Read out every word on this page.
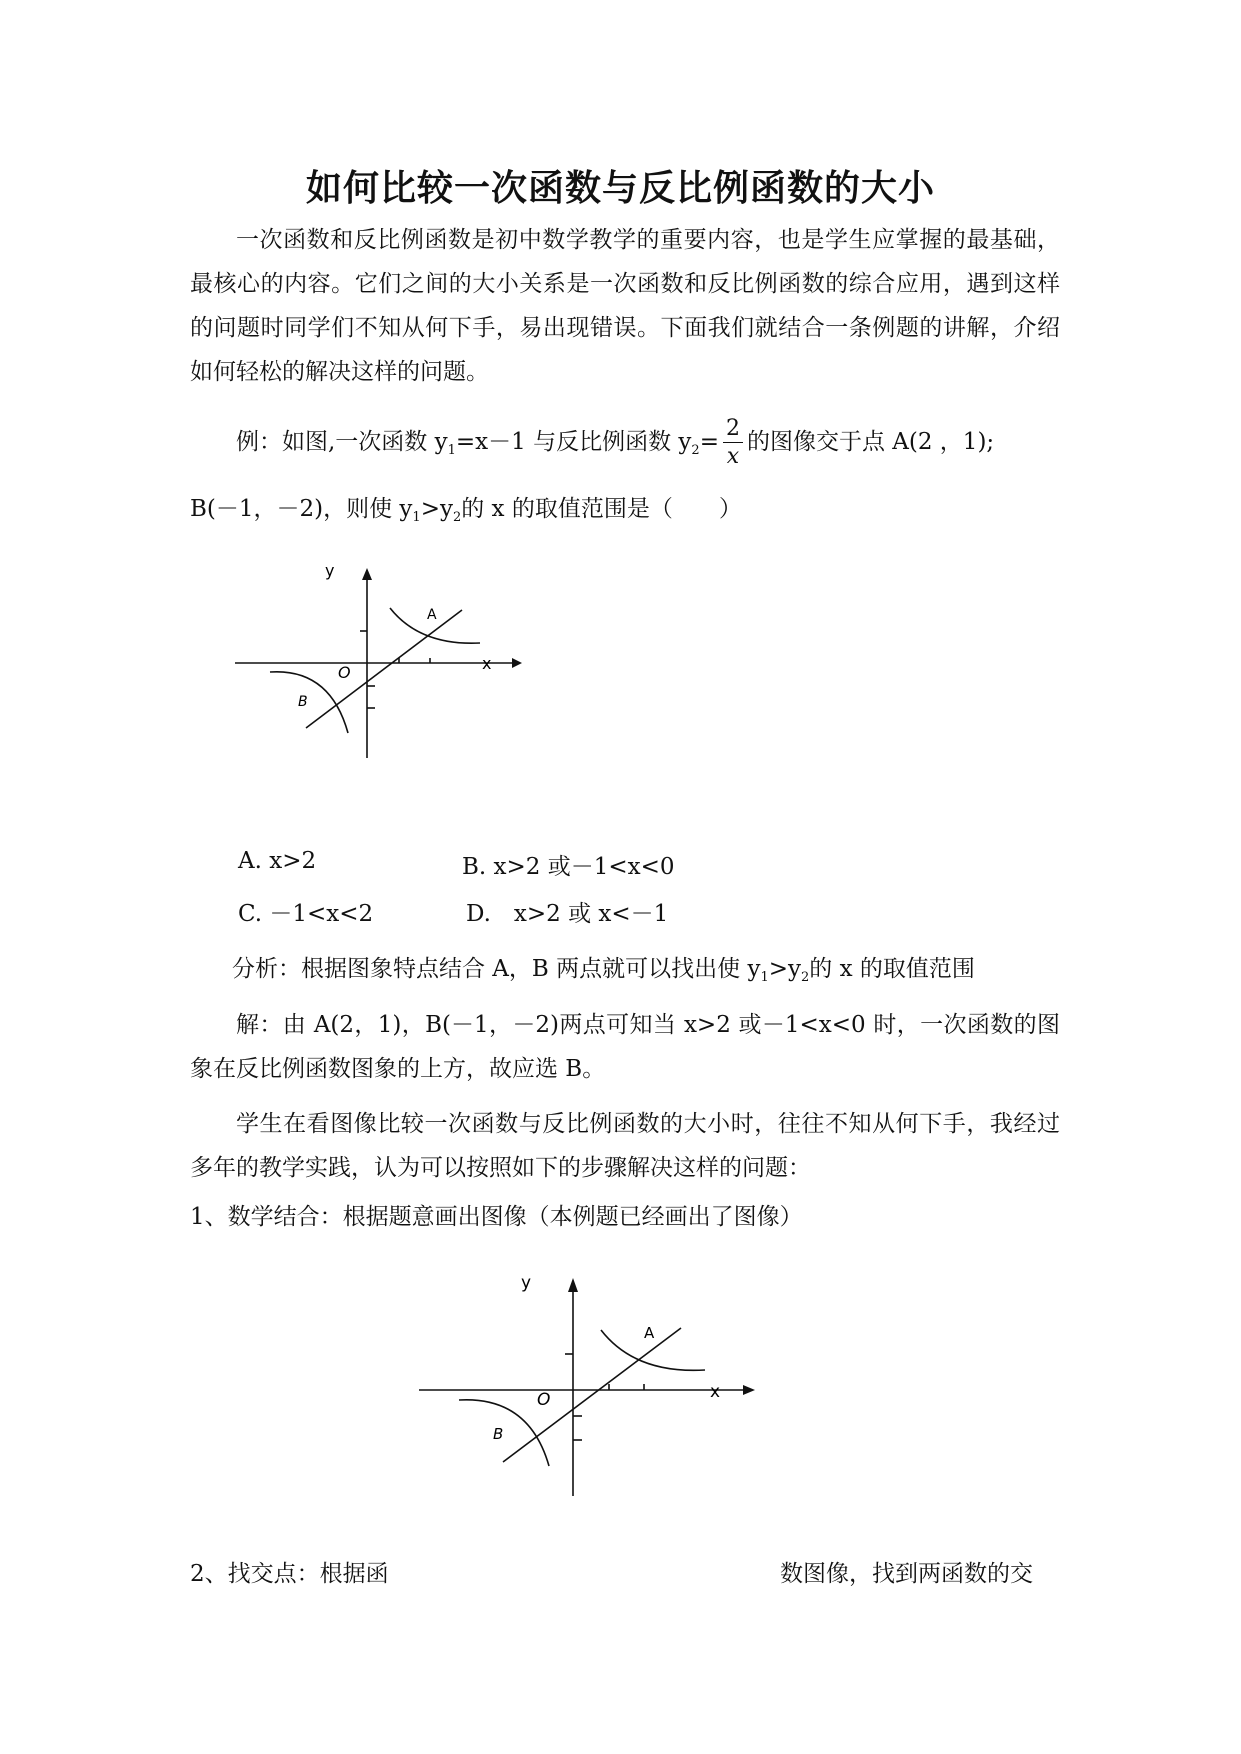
如何比较一次函数与反比例函数的大小
一次函数和反比例函数是初中数学教学的重要内容，也是学生应掌握的最基础，最核心的内容。它们之间的大小关系是一次函数和反比例函数的综合应用，遇到这样的问题时同学们不知从何下手，易出现错误。下面我们就结合一条例题的讲解，介绍如何轻松的解决这样的问题。
例：如图,一次函数 $y_1=x-1$ 与反比例函数 $y_2= \frac{2}{x}$ 的图像交于点 A(2 ，1);
B(－1，－2)，则使 $y_1>y_2$的 x 的取值范围是（　　）
y
x
O
A
B
A. x>2	B. x>2 或－1<x<0
C. －1<x<2	D.　x>2 或 x<－1
分析：根据图象特点结合 A，B 两点就可以找出使 $y_1>y_2$的 x 的取值范围
解：由 A(2，1)，B(－1，－2)两点可知当 x>2 或－1<x<0 时，一次函数的图象在反比例函数图象的上方，故应选 B。
学生在看图像比较一次函数与反比例函数的大小时，往往不知从何下手，我经过多年的教学实践，认为可以按照如下的步骤解决这样的问题：
1、数学结合：根据题意画出图像（本例题已经画出了图像）
y
x
O
A
B
2、找交点：根据函	数图像，找到两函数的交
